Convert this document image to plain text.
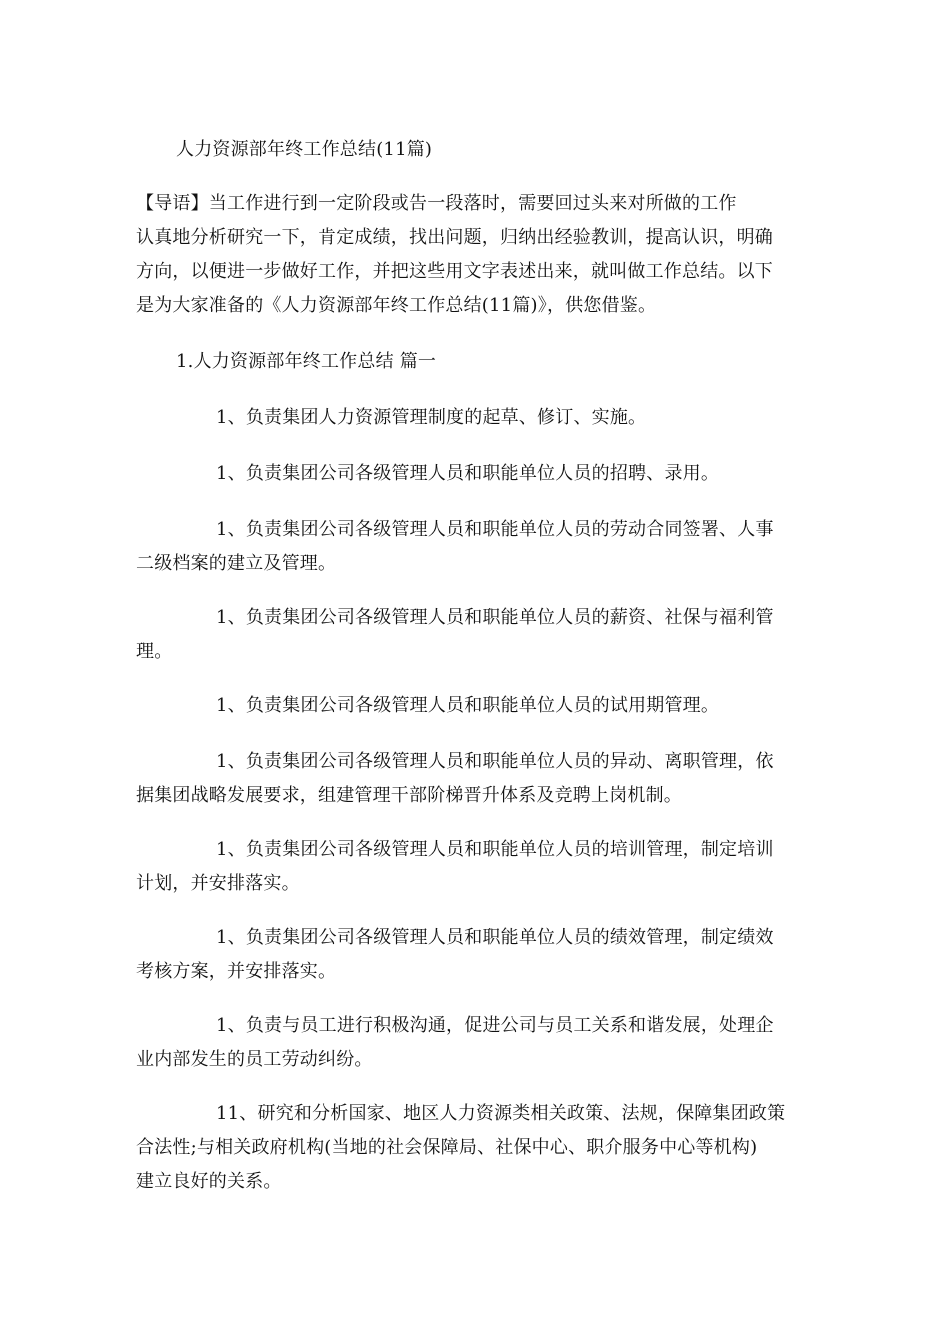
人力资源部年终工作总结(11篇)
【导语】当工作进行到一定阶段或告一段落时，需要回过头来对所做的工作
认真地分析研究一下，肯定成绩，找出问题，归纳出经验教训，提高认识，明确
方向，以便进一步做好工作，并把这些用文字表述出来，就叫做工作总结。以下
是为大家准备的《人力资源部年终工作总结(11篇)》，供您借鉴。
1.人力资源部年终工作总结 篇一
1、负责集团人力资源管理制度的起草、修订、实施。
1、负责集团公司各级管理人员和职能单位人员的招聘、录用。
1、负责集团公司各级管理人员和职能单位人员的劳动合同签署、人事
二级档案的建立及管理。
1、负责集团公司各级管理人员和职能单位人员的薪资、社保与福利管
理。
1、负责集团公司各级管理人员和职能单位人员的试用期管理。
1、负责集团公司各级管理人员和职能单位人员的异动、离职管理，依
据集团战略发展要求，组建管理干部阶梯晋升体系及竞聘上岗机制。
1、负责集团公司各级管理人员和职能单位人员的培训管理，制定培训
计划，并安排落实。
1、负责集团公司各级管理人员和职能单位人员的绩效管理，制定绩效
考核方案，并安排落实。
1、负责与员工进行积极沟通，促进公司与员工关系和谐发展，处理企
业内部发生的员工劳动纠纷。
11、研究和分析国家、地区人力资源类相关政策、法规，保障集团政策
合法性;与相关政府机构(当地的社会保障局、社保中心、职介服务中心等机构)
建立良好的关系。
